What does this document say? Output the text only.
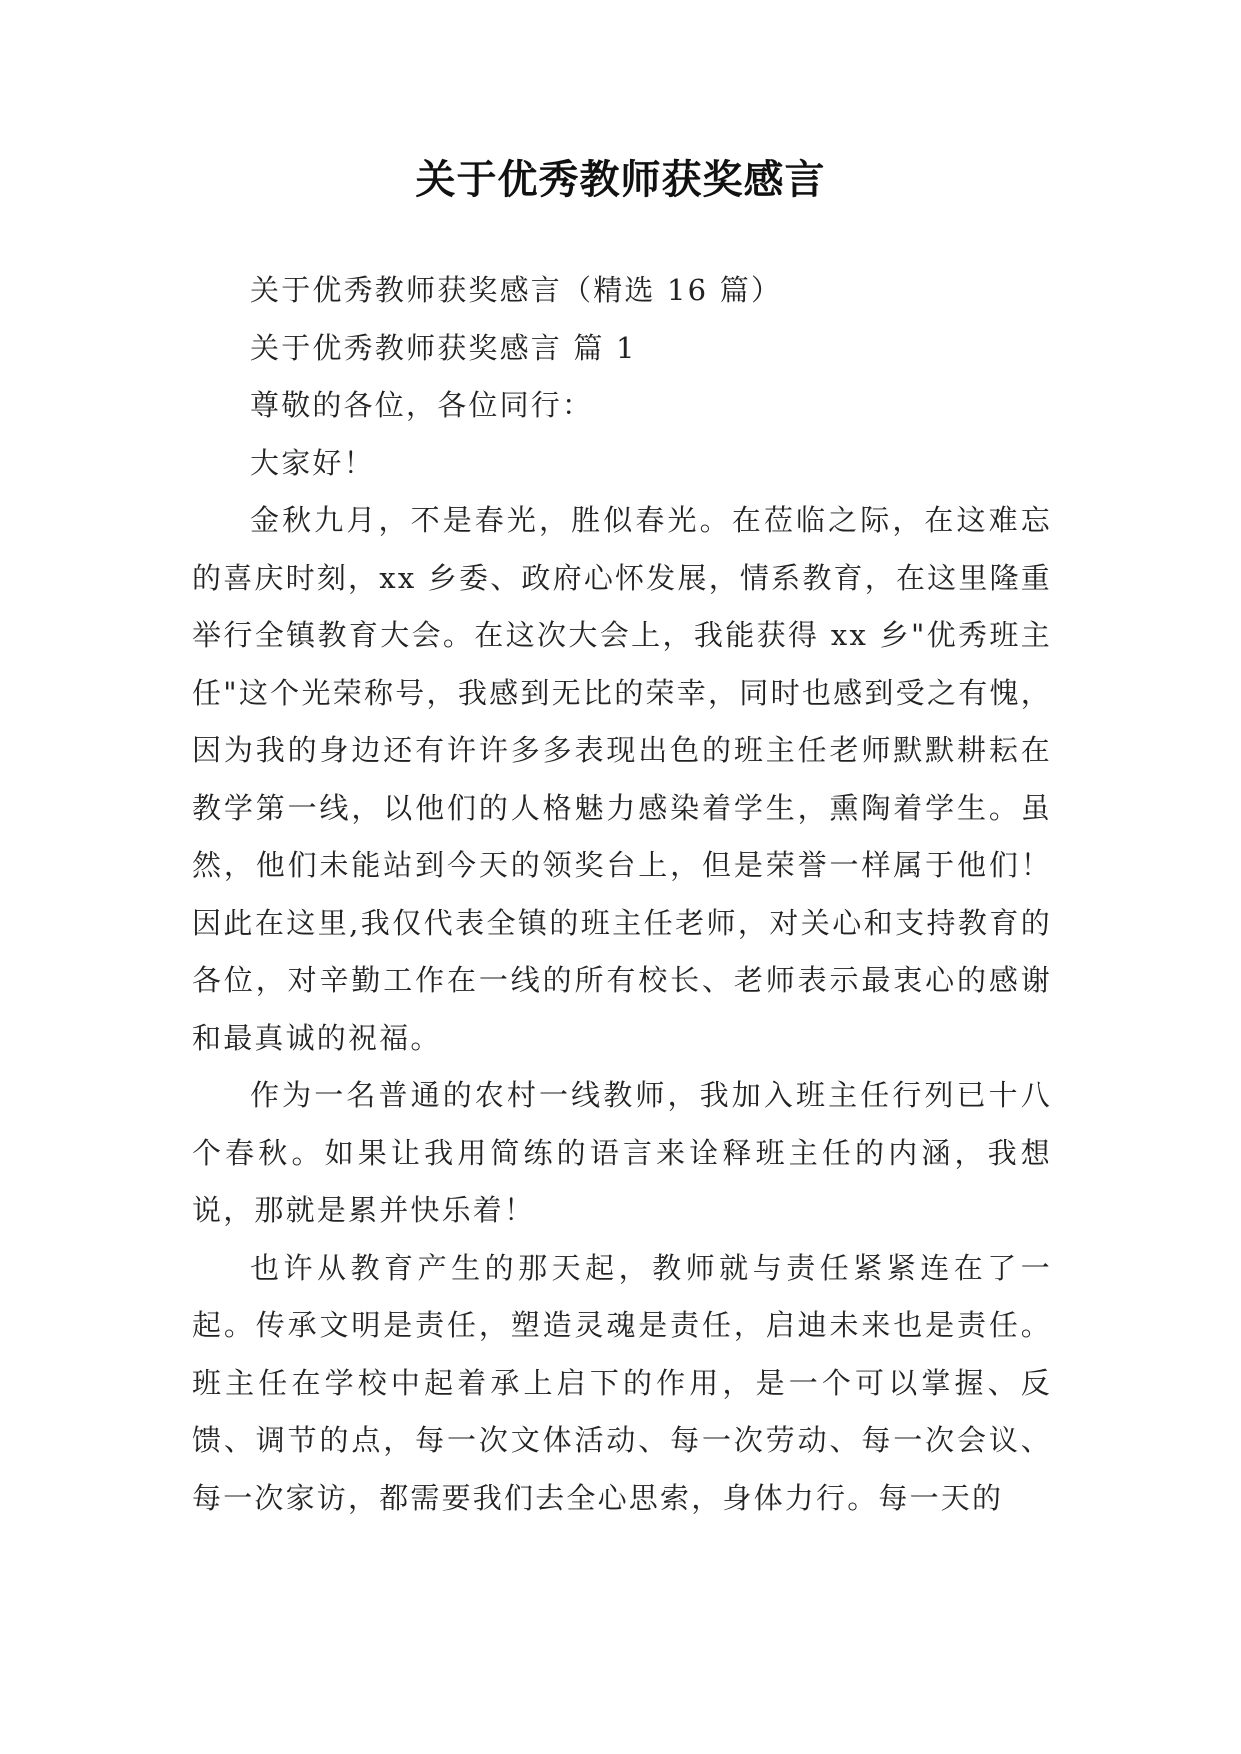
关于优秀教师获奖感言

关于优秀教师获奖感言（精选 16 篇）

关于优秀教师获奖感言 篇 1

尊敬的各位，各位同行：

大家好！

金秋九月，不是春光，胜似春光。在莅临之际，在这难忘的喜庆时刻，xx 乡委、政府心怀发展，情系教育，在这里隆重举行全镇教育大会。在这次大会上，我能获得 xx 乡"优秀班主任"这个光荣称号，我感到无比的荣幸，同时也感到受之有愧，因为我的身边还有许许多多表现出色的班主任老师默默耕耘在教学第一线，以他们的人格魅力感染着学生，熏陶着学生。虽然，他们未能站到今天的领奖台上，但是荣誉一样属于他们！因此在这里,我仅代表全镇的班主任老师，对关心和支持教育的各位，对辛勤工作在一线的所有校长、老师表示最衷心的感谢和最真诚的祝福。

作为一名普通的农村一线教师，我加入班主任行列已十八个春秋。如果让我用简练的语言来诠释班主任的内涵，我想说，那就是累并快乐着！

也许从教育产生的那天起，教师就与责任紧紧连在了一起。传承文明是责任，塑造灵魂是责任，启迪未来也是责任。班主任在学校中起着承上启下的作用，是一个可以掌握、反馈、调节的点，每一次文体活动、每一次劳动、每一次会议、每一次家访，都需要我们去全心思索，身体力行。每一天的
